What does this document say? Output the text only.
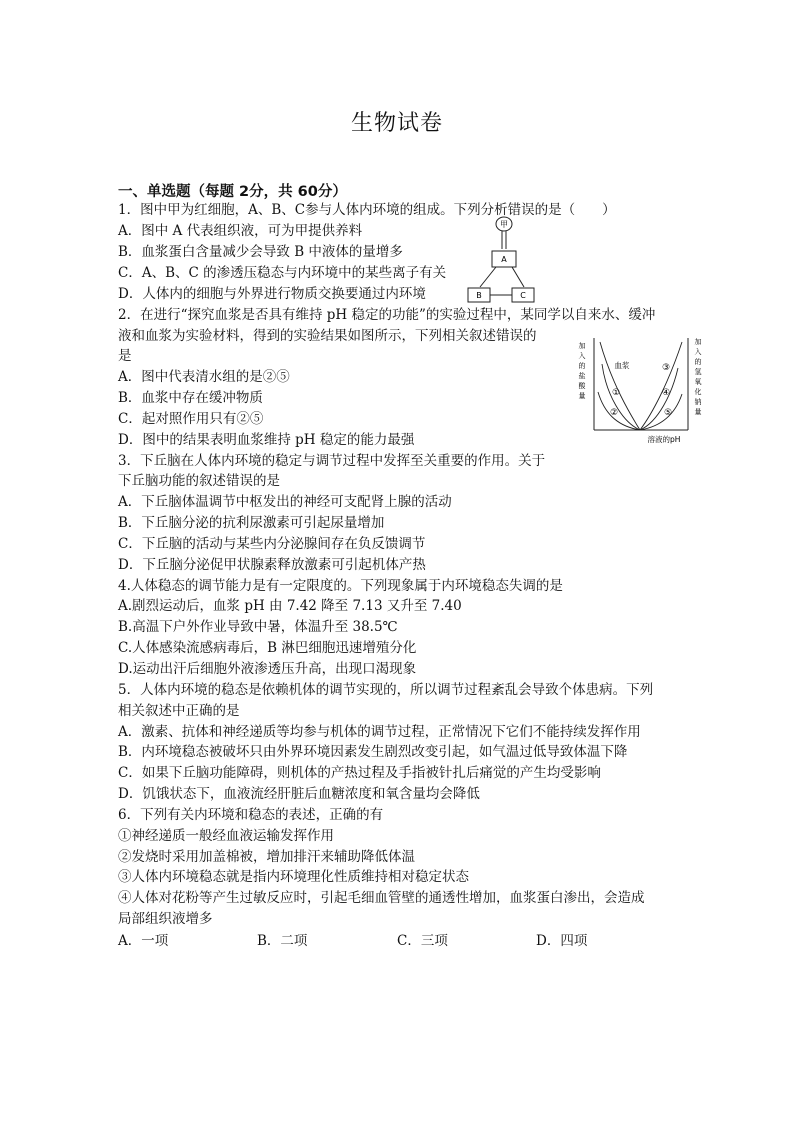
生物试卷
一、单选题（每题 2分，共 60分）
1．图中甲为红细胞，A、B、C参与人体内环境的组成。下列分析错误的是（　　）
A．图中 A 代表组织液，可为甲提供养料
B．血浆蛋白含量减少会导致 B 中液体的量增多
C．A、B、C 的渗透压稳态与内环境中的某些离子有关
D．人体内的细胞与外界进行物质交换要通过内环境
2．在进行“探究血浆是否具有维持 pH 稳定的功能”的实验过程中，某同学以自来水、缓冲
液和血浆为实验材料，得到的实验结果如图所示，下列相关叙述错误的
是
A．图中代表清水组的是②⑤
B．血浆中存在缓冲物质
C．起对照作用只有②⑤
D．图中的结果表明血浆维持 pH 稳定的能力最强
3．下丘脑在人体内环境的稳定与调节过程中发挥至关重要的作用。关于
下丘脑功能的叙述错误的是
A．下丘脑体温调节中枢发出的神经可支配肾上腺的活动
B．下丘脑分泌的抗利尿激素可引起尿量增加
C．下丘脑的活动与某些内分泌腺间存在负反馈调节
D．下丘脑分泌促甲状腺素释放激素可引起机体产热
4.人体稳态的调节能力是有一定限度的。下列现象属于内环境稳态失调的是
A.剧烈运动后，血浆 pH 由 7.42 降至 7.13 又升至 7.40
B.高温下户外作业导致中暑，体温升至 38.5℃
C.人体感染流感病毒后，B 淋巴细胞迅速增殖分化
D.运动出汗后细胞外液渗透压升高，出现口渴现象
5．人体内环境的稳态是依赖机体的调节实现的，所以调节过程紊乱会导致个体患病。下列
相关叙述中正确的是
A．激素、抗体和神经递质等均参与机体的调节过程，正常情况下它们不能持续发挥作用
B．内环境稳态被破坏只由外界环境因素发生剧烈改变引起，如气温过低导致体温下降
C．如果下丘脑功能障碍，则机体的产热过程及手指被针扎后痛觉的产生均受影响
D．饥饿状态下，血液流经肝脏后血糖浓度和氧含量均会降低
6．下列有关内环境和稳态的表述，正确的有
①神经递质一般经血液运输发挥作用
②发烧时采用加盖棉被，增加排汗来辅助降低体温
③人体内环境稳态就是指内环境理化性质维持相对稳定状态
④人体对花粉等产生过敏反应时，引起毛细血管壁的通透性增加，血浆蛋白渗出，会造成
局部组织液增多
A．一项	B．二项	C．三项	D．四项
甲
A
B	C
加
入
的
盐
酸
量
加
入
的
氢
氧
化
钠
量
溶液的pH
血浆
①
②
③
④
⑤
